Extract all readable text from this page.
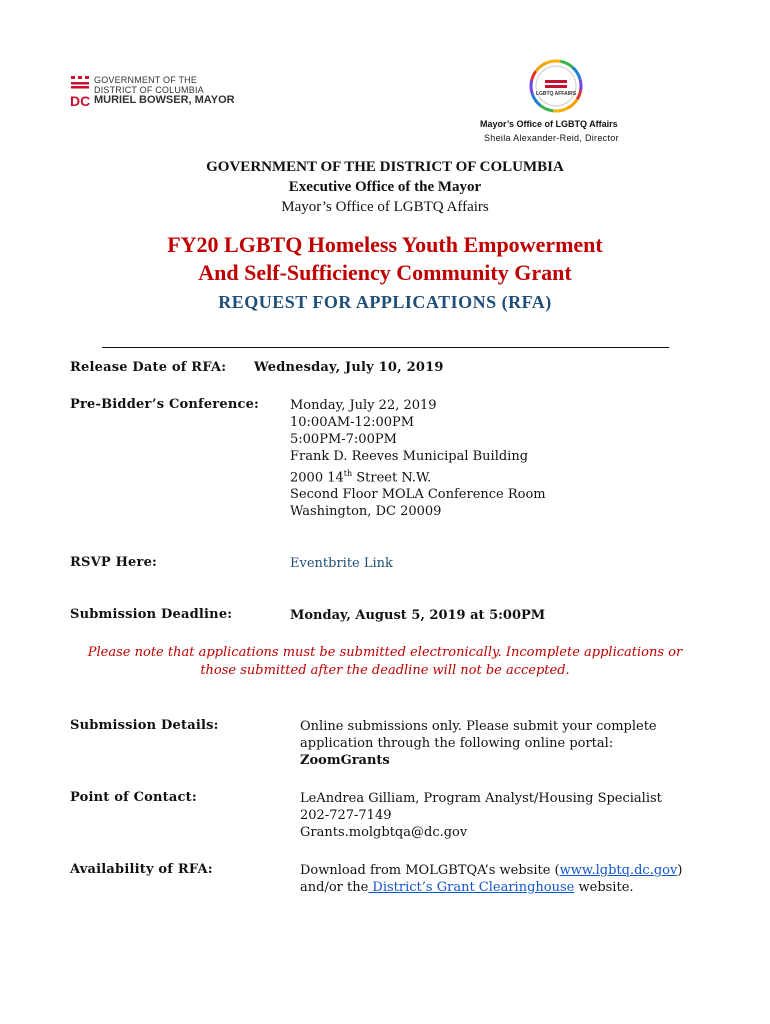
DC
GOVERNMENT OF THE
DISTRICT OF COLUMBIA
MURIEL BOWSER, MAYOR	LGBTQ AFFAIRS
Mayor’s Office of LGBTQ Affairs
Sheila Alexander-Reid, Director
GOVERNMENT OF THE DISTRICT OF COLUMBIA
Executive Office of the Mayor
Mayor’s Office of LGBTQ Affairs
FY20 LGBTQ Homeless Youth Empowerment
And Self-Sufficiency Community Grant
REQUEST FOR APPLICATIONS (RFA)
Release Date of RFA: Wednesday, July 10, 2019
Pre-Bidder’s Conference: Monday, July 22, 2019
10:00AM-12:00PM
5:00PM-7:00PM
Frank D. Reeves Municipal Building
2000 14th Street N.W.
Second Floor MOLA Conference Room
Washington, DC 20009
RSVP Here:	Eventbrite Link
Submission Deadline:	Monday, August 5, 2019 at 5:00PM
Please note that applications must be submitted electronically. Incomplete applications or
those submitted after the deadline will not be accepted.
Submission Details:	Online submissions only. Please submit your complete
application through the following online portal:
ZoomGrants
Point of Contact:	LeAndrea Gilliam, Program Analyst/Housing Specialist
202-727-7149
Grants.molgbtqa@dc.gov
Availability of RFA:	Download from MOLGBTQA’s website (www.lgbtq.dc.gov)
and/or the District’s Grant Clearinghouse website.
